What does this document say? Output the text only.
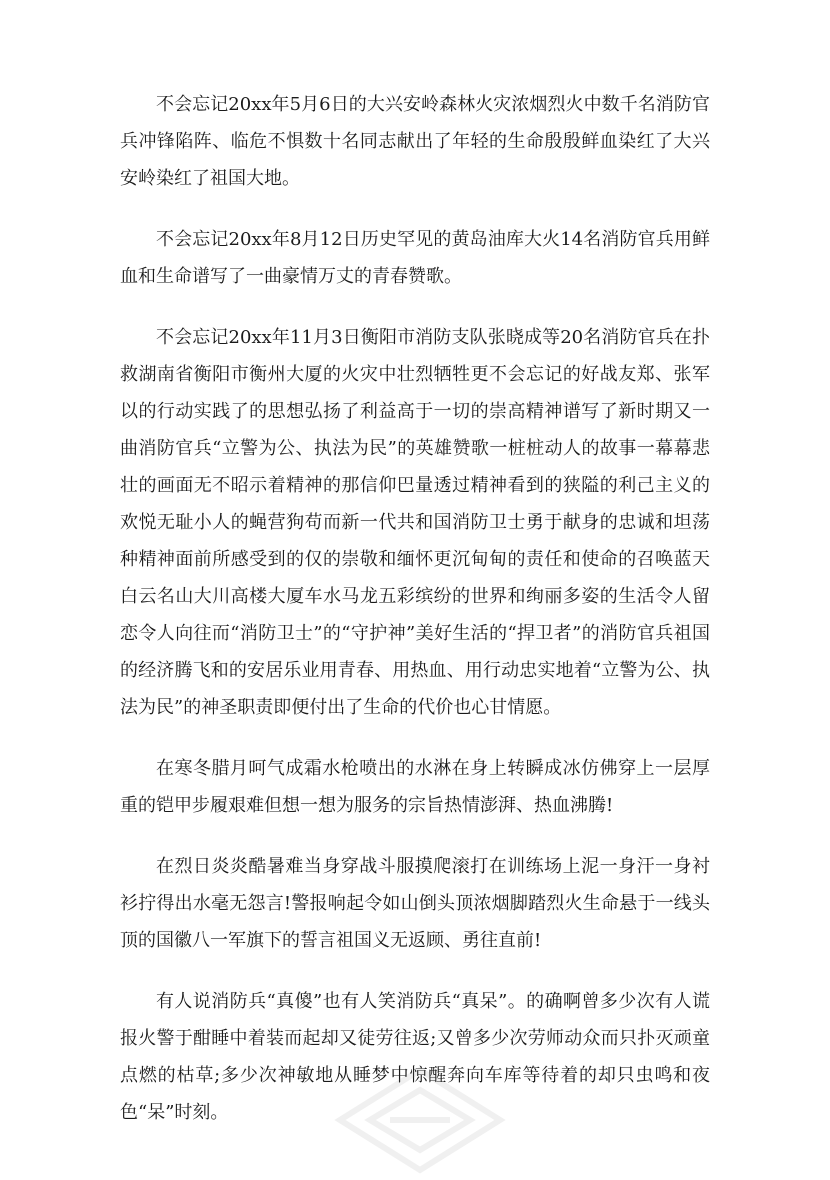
不会忘记20xx年5月6日的大兴安岭森林火灾浓烟烈火中数千名消防官兵冲锋陷阵、临危不惧数十名同志献出了年轻的生命殷殷鲜血染红了大兴安岭染红了祖国大地。

不会忘记20xx年8月12日历史罕见的黄岛油库大火14名消防官兵用鲜血和生命谱写了一曲豪情万丈的青春赞歌。

不会忘记20xx年11月3日衡阳市消防支队张晓成等20名消防官兵在扑救湖南省衡阳市衡州大厦的火灾中壮烈牺牲更不会忘记的好战友郑、张军以的行动实践了的思想弘扬了利益高于一切的崇高精神谱写了新时期又一曲消防官兵“立警为公、执法为民”的英雄赞歌一桩桩动人的故事一幕幕悲壮的画面无不昭示着精神的那信仰巴量透过精神看到的狭隘的利己主义的欢悦无耻小人的蝇营狗苟而新一代共和国消防卫士勇于献身的忠诚和坦荡种精神面前所感受到的仅的崇敬和缅怀更沉甸甸的责任和使命的召唤蓝天白云名山大川高楼大厦车水马龙五彩缤纷的世界和绚丽多姿的生活令人留恋令人向往而“消防卫士”的“守护神”美好生活的“捍卫者”的消防官兵祖国的经济腾飞和的安居乐业用青春、用热血、用行动忠实地着“立警为公、执法为民”的神圣职责即便付出了生命的代价也心甘情愿。

在寒冬腊月呵气成霜水枪喷出的水淋在身上转瞬成冰仿佛穿上一层厚重的铠甲步履艰难但想一想为服务的宗旨热情澎湃、热血沸腾!

在烈日炎炎酷暑难当身穿战斗服摸爬滚打在训练场上泥一身汗一身衬衫拧得出水毫无怨言!警报响起令如山倒头顶浓烟脚踏烈火生命悬于一线头顶的国徽八一军旗下的誓言祖国义无返顾、勇往直前!

有人说消防兵“真傻”也有人笑消防兵“真呆”。的确啊曾多少次有人谎报火警于酣睡中着装而起却又徒劳往返;又曾多少次劳师动众而只扑灭顽童点燃的枯草;多少次神敏地从睡梦中惊醒奔向车库等待着的却只虫鸣和夜色“呆”时刻。
